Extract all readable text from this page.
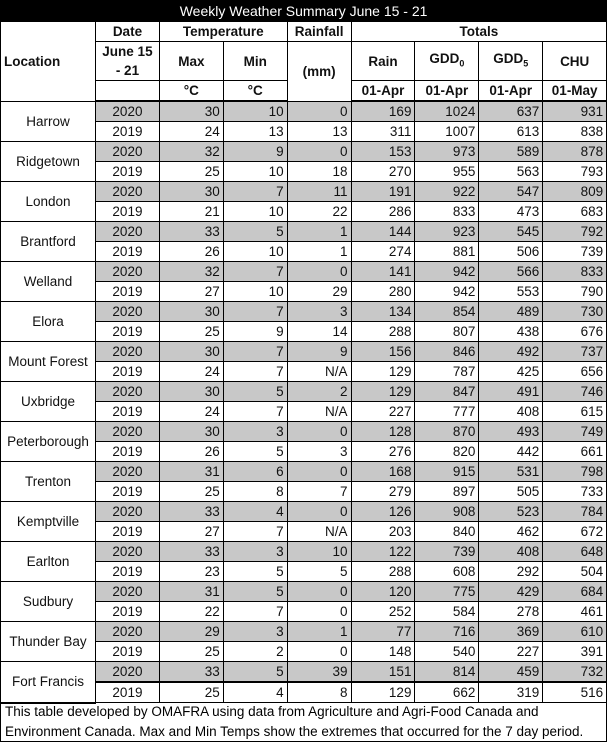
Weekly Weather Summary June 15 - 21								
Location	Date	Temperature		Rainfall	Totals			
	June 15 - 21	Max	Min	(mm)	Rain	$GDD_0$	$GDD_5$	CHU
		°C	°C		01-Apr	01-Apr	01-Apr	01-May
Harrow	2020	30	10	0	169	1024	637	931
	2019	24	13	13	311	1007	613	838
Ridgetown	2020	32	9	0	153	973	589	878
	2019	25	10	18	270	955	563	793
London	2020	30	7	11	191	922	547	809
	2019	21	10	22	286	833	473	683
Brantford	2020	33	5	1	144	923	545	792
	2019	26	10	1	274	881	506	739
Welland	2020	32	7	0	141	942	566	833
	2019	27	10	29	280	942	553	790
Elora	2020	30	7	3	134	854	489	730
	2019	25	9	14	288	807	438	676
Mount Forest	2020	30	7	9	156	846	492	737
	2019	24	7	N/A	129	787	425	656
Uxbridge	2020	30	5	2	129	847	491	746
	2019	24	7	N/A	227	777	408	615
Peterborough	2020	30	3	0	128	870	493	749
	2019	26	5	3	276	820	442	661
Trenton	2020	31	6	0	168	915	531	798
	2019	25	8	7	279	897	505	733
Kemptville	2020	33	4	0	126	908	523	784
	2019	27	7	N/A	203	840	462	672
Earlton	2020	33	3	10	122	739	408	648
	2019	23	5	5	288	608	292	504
Sudbury	2020	31	5	0	120	775	429	684
	2019	22	7	0	252	584	278	461
Thunder Bay	2020	29	3	1	77	716	369	610
	2019	25	2	0	148	540	227	391
Fort Francis	2020	33	5	39	151	814	459	732
	2019	25	4	8	129	662	319	516
This table developed by OMAFRA using data from Agriculture and Agri-Food Canada and Environment Canada. Max and Min Temps show the extremes that occurred for the 7 day period.
